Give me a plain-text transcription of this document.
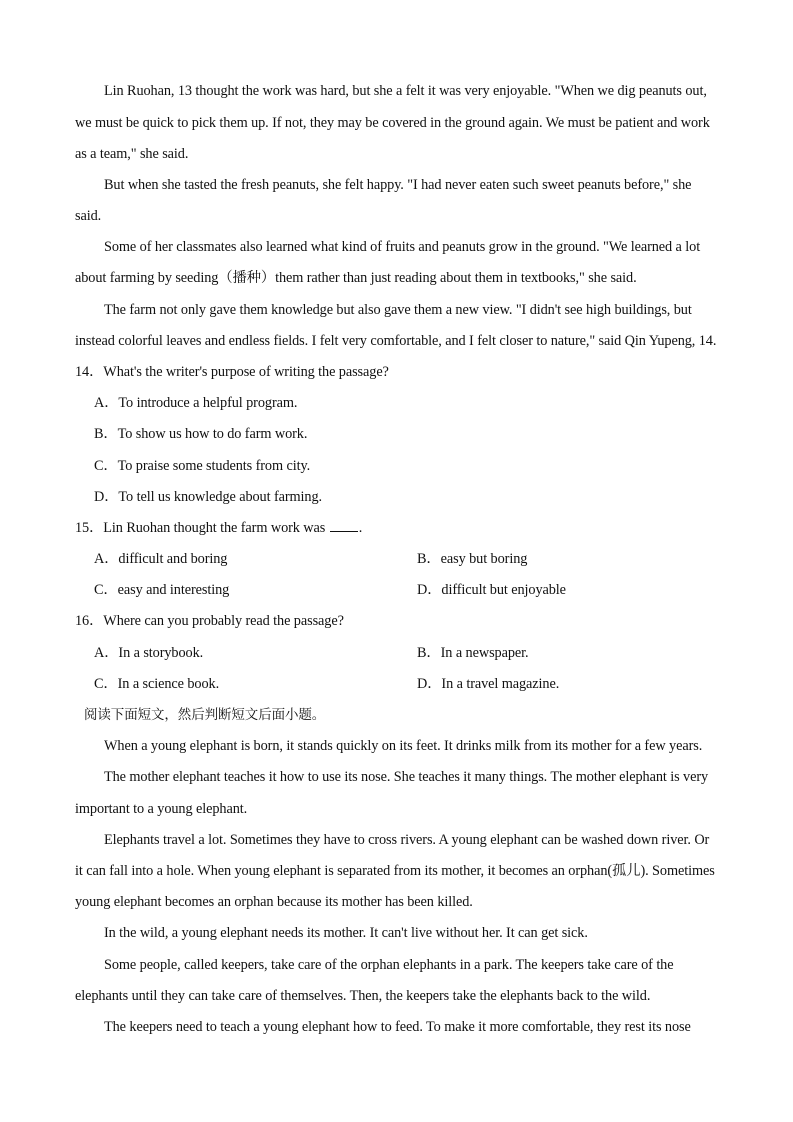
Lin Ruohan, 13 thought the work was hard, but she a felt it was very enjoyable. "When we dig peanuts out,
we must be quick to pick them up. If not, they may be covered in the ground again. We must be patient and work
as a team," she said.
But when she tasted the fresh peanuts, she felt happy. "I had never eaten such sweet peanuts before," she
said.
Some of her classmates also learned what kind of fruits and peanuts grow in the ground. "We learned a lot
about farming by seeding（播种）them rather than just reading about them in textbooks," she said.
The farm not only gave them knowledge but also gave them a new view. "I didn't see high buildings, but
instead colorful leaves and endless fields. I felt very comfortable, and I felt closer to nature," said Qin Yupeng, 14.
14．What's the writer's purpose of writing the passage?
A．To introduce a helpful program.
B．To show us how to do farm work.
C．To praise some students from city.
D．To tell us knowledge about farming.
15．Lin Ruohan thought the farm work was .
A．difficult and boring	B．easy but boring
C．easy and interesting	D．difficult but enjoyable
16．Where can you probably read the passage?
A．In a storybook.	B．In a newspaper.
C．In a science book.	D．In a travel magazine.
阅读下面短文，然后判断短文后面小题。
When a young elephant is born, it stands quickly on its feet. It drinks milk from its mother for a few years.
The mother elephant teaches it how to use its nose. She teaches it many things. The mother elephant is very
important to a young elephant.
Elephants travel a lot. Sometimes they have to cross rivers. A young elephant can be washed down river. Or
it can fall into a hole. When young elephant is separated from its mother, it becomes an orphan(孤儿). Sometimes
young elephant becomes an orphan because its mother has been killed.
In the wild, a young elephant needs its mother. It can't live without her. It can get sick.
Some people, called keepers, take care of the orphan elephants in a park. The keepers take care of the
elephants until they can take care of themselves. Then, the keepers take the elephants back to the wild.
The keepers need to teach a young elephant how to feed. To make it more comfortable, they rest its nose
